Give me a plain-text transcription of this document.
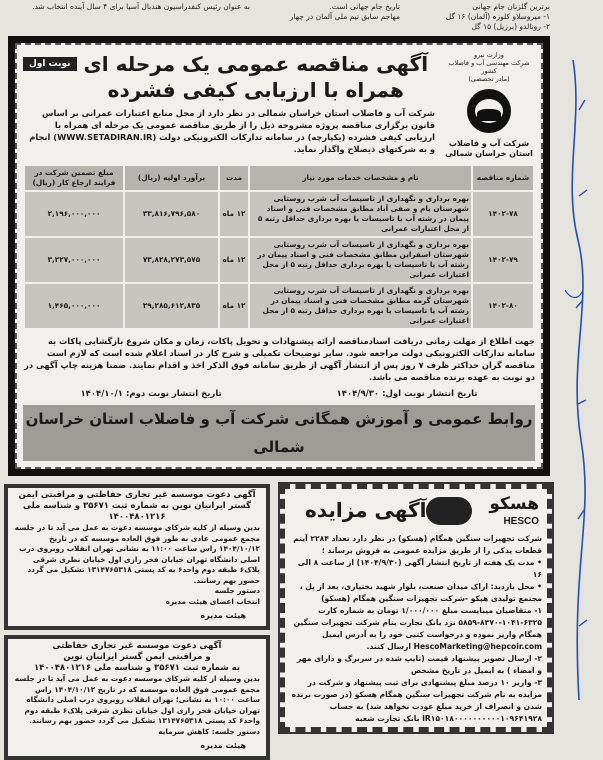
به عنوان رئیس کنفدراسیون هندبال آسیا برای ۴ سال آینده انتخاب شد.	تاریخ جام جهانی است.
مهاجم سابق تیم ملی آلمان در چهار
برترین گلزنان جام جهانی
۱- میروسلاو کلوزه (آلمان) ۱۶ گل
۲- رونالدو (برزیل) ۱۵ گل
وزارت نیرو
شرکت مهندسی آب و فاضلاب کشور
(مادر تخصصی)
شرکت آب و فاضلاب استان خراسان شمالی
آگهی مناقصه عمومی یک مرحله ای
همراه با ارزیابی کیفی فشرده
نوبت اول
شرکت آب و فاضلاب استان خراسان شمالی در نظر دارد از محل منابع اعتبارات عمرانی بر اساس قانون برگزاری مناقصه پروژه مشروحه ذیل را از طریق مناقصه عمومی یک مرحله ای همراه با ارزیابی کیفی فشرده (یکپارچه) در سامانه تدارکات الکترونیکی دولت (WWW.SETADIRAN.IR) انجام و به شرکتهای ذیصلاح واگذار نماید.
شماره مناقصه	نام و مشخصات خدمات مورد نیاز	مدت	برآورد اولیه (ریال)	مبلغ تضمین شرکت در فرایند ارجاع کار (ریال)
۱۴۰۲-۷۸	بهره برداری و نگهداری از تاسیسات آب شرب روستایی شهرستان بام و صفی آباد مطابق مشخصات فنی و اسناد پیمان در رشته آب با تاسیسات یا بهره برداری حداقل رتبه ۵ از محل اعتبارات عمرانی	۱۲ ماه	۳۳,۸۱۶,۷۹۶,۵۸۰	۲,۱۹۶,۰۰۰,۰۰۰
۱۴۰۲-۷۹	بهره برداری و نگهداری از تاسیسات آب شرب روستایی شهرستان اسفراین مطابق مشخصات فنی و اسناد پیمان در رشته آب یا تاسیسات یا بهره برداری حداقل رتبه ۵ از محل اعتبارات عمرانی	۱۲ ماه	۷۳,۸۲۸,۲۷۳,۵۷۵	۳,۲۲۷,۰۰۰,۰۰۰
۱۴۰۲-۸۰	بهره برداری و نگهداری از تاسیسات آب شرب روستایی شهرستان گرمه مطابق مشخصات فنی و اسناد پیمان در رشته آب یا تاسیسات یا بهره برداری حداقل رتبه ۵ از محل اعتبارات عمرانی	۱۲ ماه	۲۹,۲۸۵,۶۱۲,۸۳۵	۱,۴۶۵,۰۰۰,۰۰۰
جهت اطلاع از مهلت زمانی دریافت اسنادمناقصه ارائه پیشنهادات و تحویل پاکات، زمان و مکان شروع بازگشایی پاکات به سامانه تدارکات الکترونیکی دولت مراجعه شود. سایر توضیحات تکمیلی و شرح کار در اسناد اعلام شده است که لازم است مناقصه گران حداکثر ظرف ۷ روز پس از انتشار آگهی از طریق سامانه فوق الذکر اخذ و اقدام نمایند. ضمنا هزینه چاپ آگهی در دو نوبت به عهده برنده مناقصه می باشد.
تاریخ انتشار نوبت اول: ۱۴۰۴/۹/۳۰
تاریخ انتشار نوبت دوم: ۱۴۰۴/۱۰/۱
روابط عمومی و آموزش همگانی شرکت آب و فاضلاب استان خراسان شمالی
آگهی دعوت موسسه غیر تجاری حفاظتی و مراقبتی ایمن
گستر ایرانیان نوین به شماره ثبت ۳۵۶۷۱ و شناسه ملی ۱۴۰۰۴۸۰۱۲۱۶

بدین وسیله از کلیه شرکای موسسه دعوت به عمل می آید تا در جلسه مجمع عمومی عادی به طور فوق العاده موسسه که در تاریخ ۱۴۰۴/۱۰/۱۲ راس ساعت ۱۱:۰۰ به نشانی تهران انقلاب روبروی درب اصلی دانشگاه تهران خیابان فخر رازی اول خیابان نظری شرقی پلاک۶ طبقه دوم واحد۶ به کد پستی ۱۳۱۴۷۶۵۳۱۸ تشکیل می گردد حضور بهم رسانند.

دستور جلسه

انتخاب اعضای هیئت مدیره

هیئت مدیره
آگهی دعوت موسسه غیر تجاری حفاظتی
و مراقبتی ایمن گستر ایرانیان نوین
به شماره ثبت ۳۵۶۷۱ و شناسه ملی ۱۴۰۰۴۸۰۱۲۱۶

بدین وسیله از کلیه شرکای موسسه دعوت به عمل می آید تا در جلسه مجمع عمومی فوق العاده موسسه که در تاریخ ۱۴۰۴/۱۰/۱۲ راس ساعت ۱۰:۰۰ به نشانی؛ تهران انقلاب روبروی درب اصلی دانشگاه تهران خیابان فخر رازی اول خیابان نظری شرقی پلاک۶ طبقه دوم واحد۶ کد پستی ۱۳۱۴۷۶۵۳۱۸ تشکیل می گردد حضور بهم رسانند.

دستور جلسه: کاهش سرمایه

هیئت مدیره
هسکو
HESCO
آگهی مزایده

شرکت تجهیزات سنگین همگام (هسکو) در نظر دارد تعداد ۲۲۸۴ آیتم قطعات یدکی را از طریق مزایده عمومی به فروش برساند ؛

• مدت یک هفته از تاریخ انتشار آگهی (۱۴۰۴/۹/۳۰) از ساعت ۸ الی ۱۶

• محل بازدید: اراک میدان صنعت، بلوار شهید بختیاری، بعد از پل ، مجتمع تولیدی هپکو -شرکت تجهیزات سنگین همگام (هسکو)

۱- متقاضیان میبایست مبلغ ۱/۰۰۰/۰۰۰ تومان به شماره کارت ۶۳۲۵-۱۰۴۱-۸۳۷۰-۵۸۵۹ نزد بانک تجارت بنام شرکت تجهیزات سنگین همگام واریز نموده و درخواست کتبی خود را به آدرس ایمیل HescoMarketing@hepcoir.com ارسال کنند.

۲- ارسال تصویر پیشنهاد قیمت (تایپ شده در سربرگ و دارای مهر و امضاء ) به ایمیل در تاریخ مشخص

۳- واریز ۱۰ درصد مبلغ پیشنهادی برای ثبت پیشنهاد و شرکت در مزایده به نام شرکت تجهیزات سنگین همگام هسکو (در صورت برنده شدن و انصراف از خرید مبلغ عودت نخواهد شد) به حساب IR۱۵۰۱۸۰۰۰۰۰۰۰۰۰۰۱۰۹۶۴۱۹۲۸ بانک تجارت شعبه
